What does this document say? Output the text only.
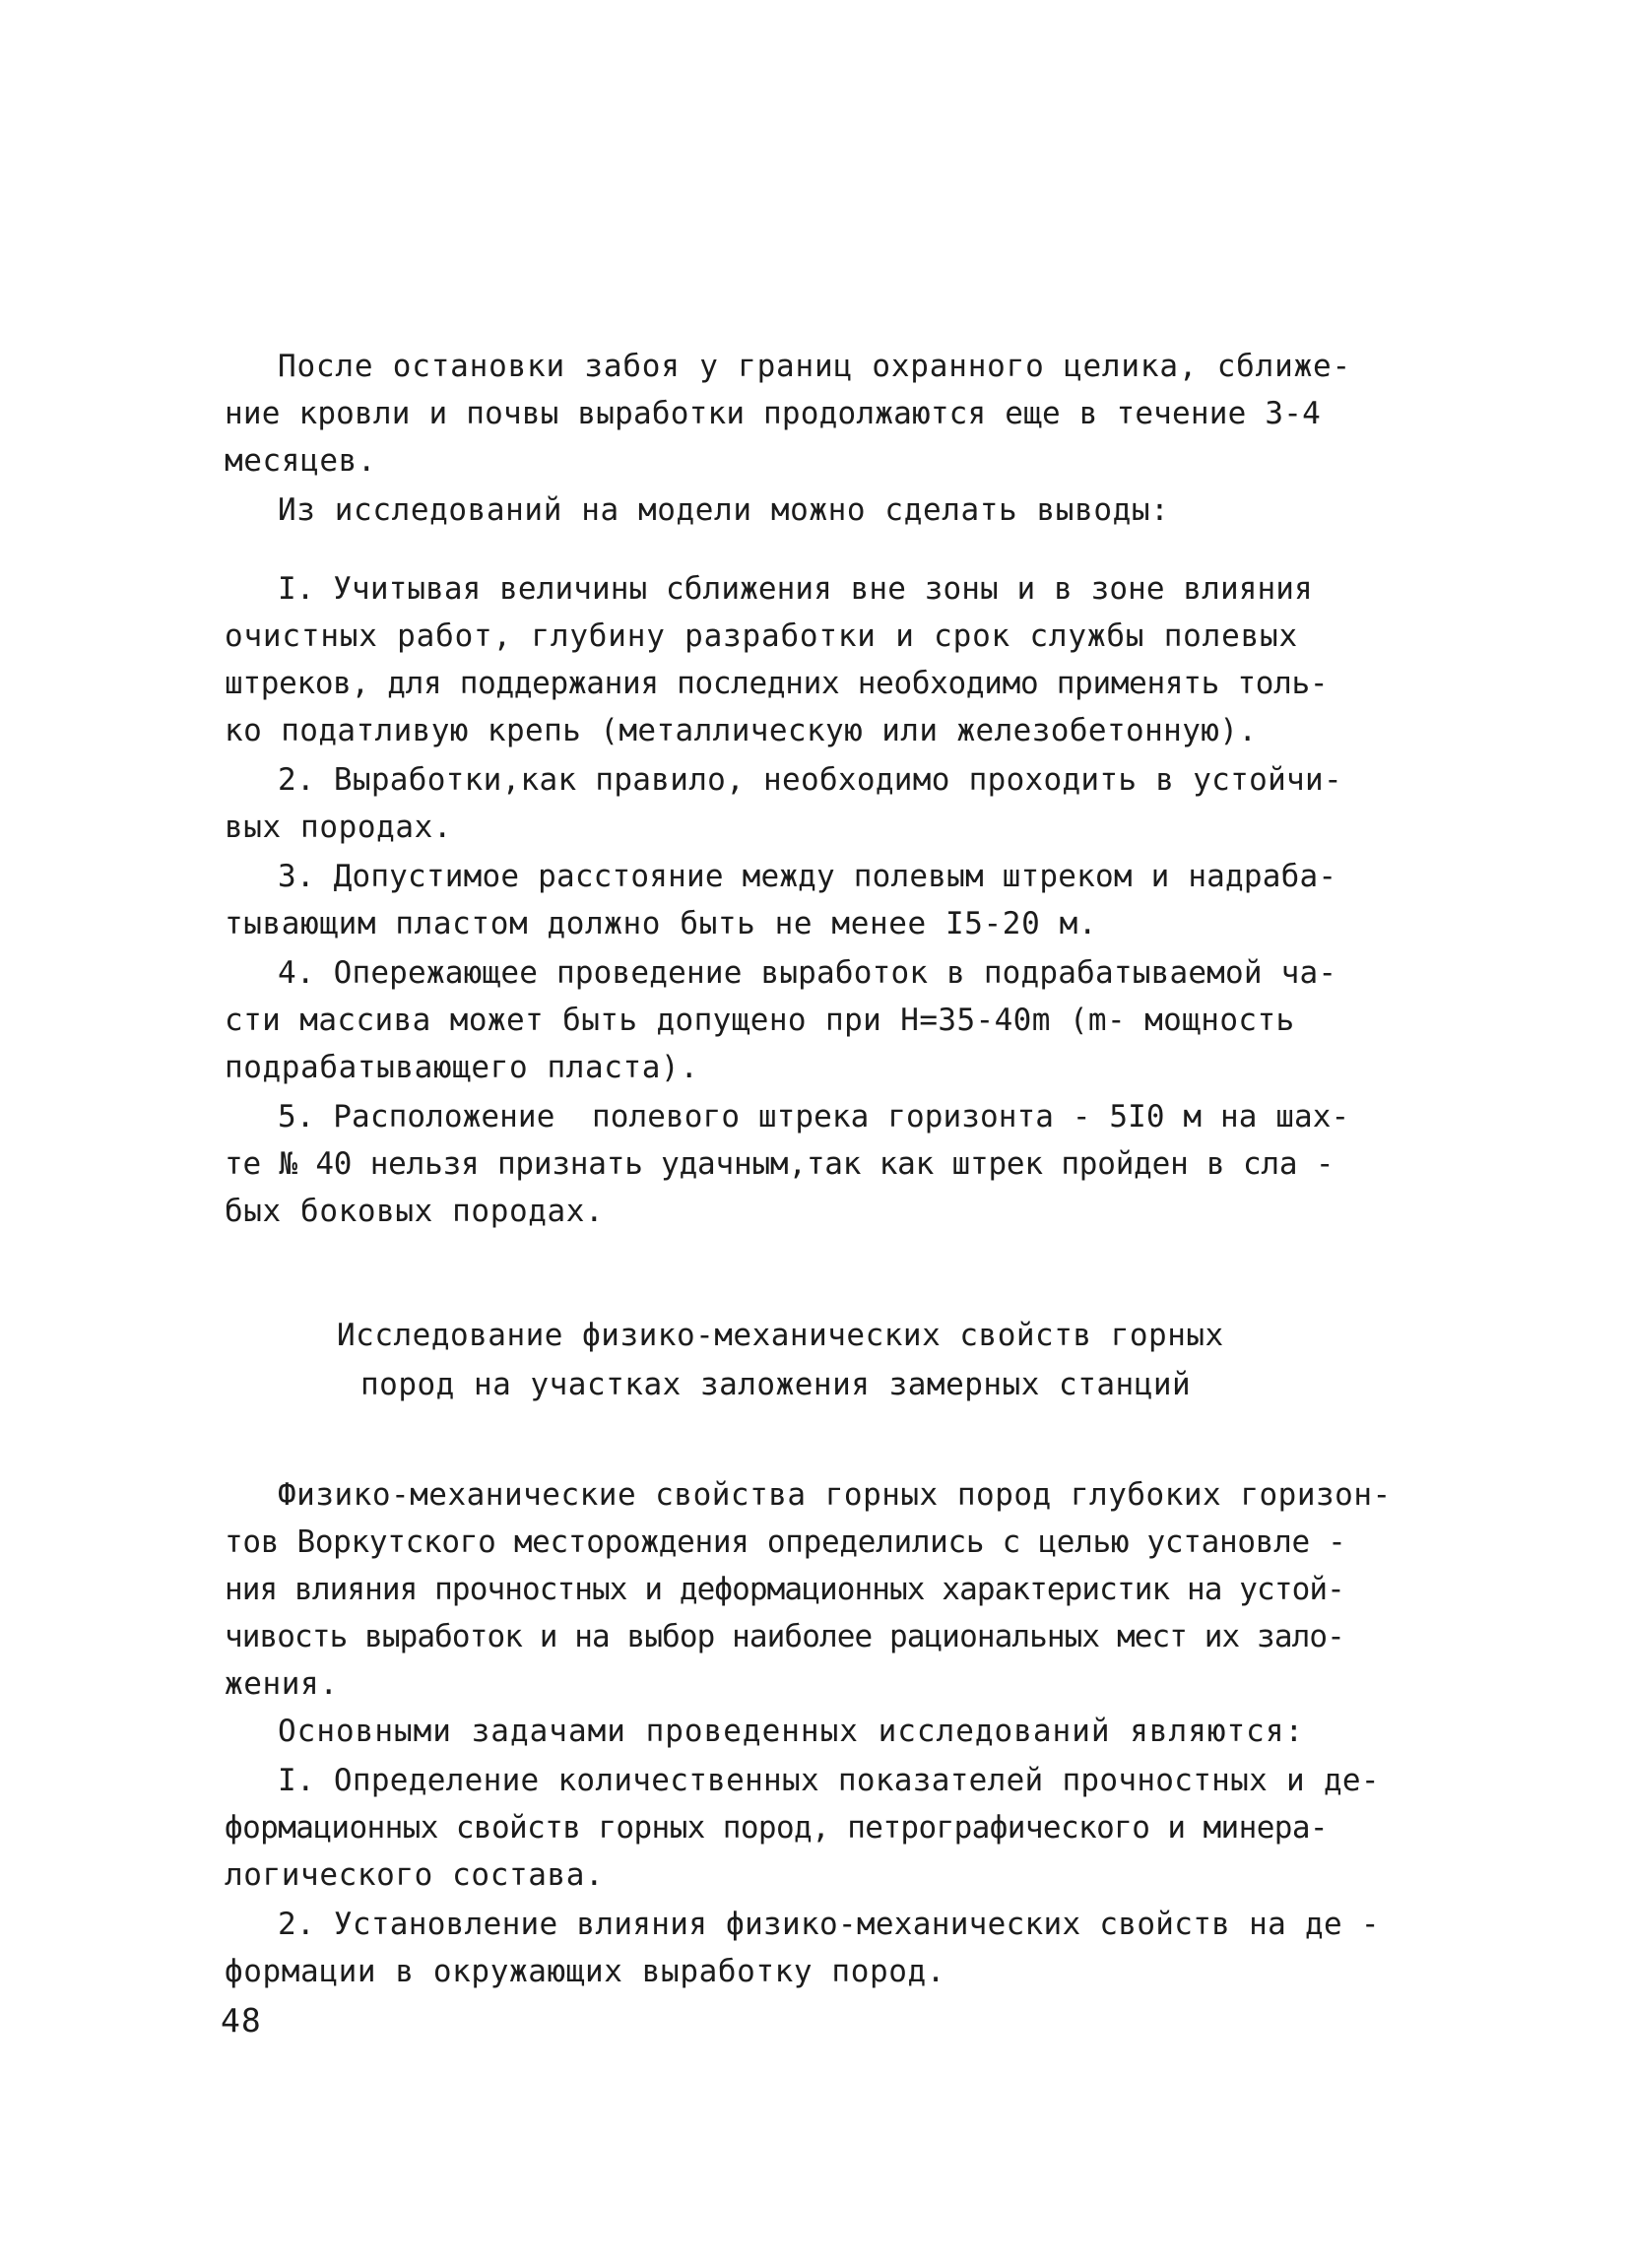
После остановки забоя у границ охранного целика, сближе-
ние кровли и почвы выработки продолжаются еще в течение 3-4
месяцев.
Из исследований на модели можно сделать выводы:
I. Учитывая величины сближения вне зоны и в зоне влияния
очистных работ, глубину разработки и срок службы полевых
штреков, для поддержания последних необходимо применять толь-
ко податливую крепь (металлическую или железобетонную).
2. Выработки,как правило, необходимо проходить в устойчи-
вых породах.
3. Допустимое расстояние между полевым штреком и надраба-
тывающим пластом должно быть не менее I5-20 м.
4. Опережающее проведение выработок в подрабатываемой ча-
сти массива может быть допущено при Н=35-40m (m- мощность
подрабатывающего пласта).
5. Расположение  полевого штрека горизонта - 5I0 м на шах-
те № 40 нельзя признать удачным,так как штрек пройден в сла -
бых боковых породах.
Исследование физико-механических свойств горных
пород на участках заложения замерных станций
Физико-механические свойства горных пород глубоких горизон-
тов Воркутского месторождения определились с целью установле -
ния влияния прочностных и деформационных характеристик на устой-
чивость выработок и на выбор наиболее рациональных мест их зало-
жения.
Основными задачами проведенных исследований являются:
I. Определение количественных показателей прочностных и де-
формационных свойств горных пород, петрографического и минера-
логического состава.
2. Установление влияния физико-механических свойств на де -
формации в окружающих выработку пород.
48
